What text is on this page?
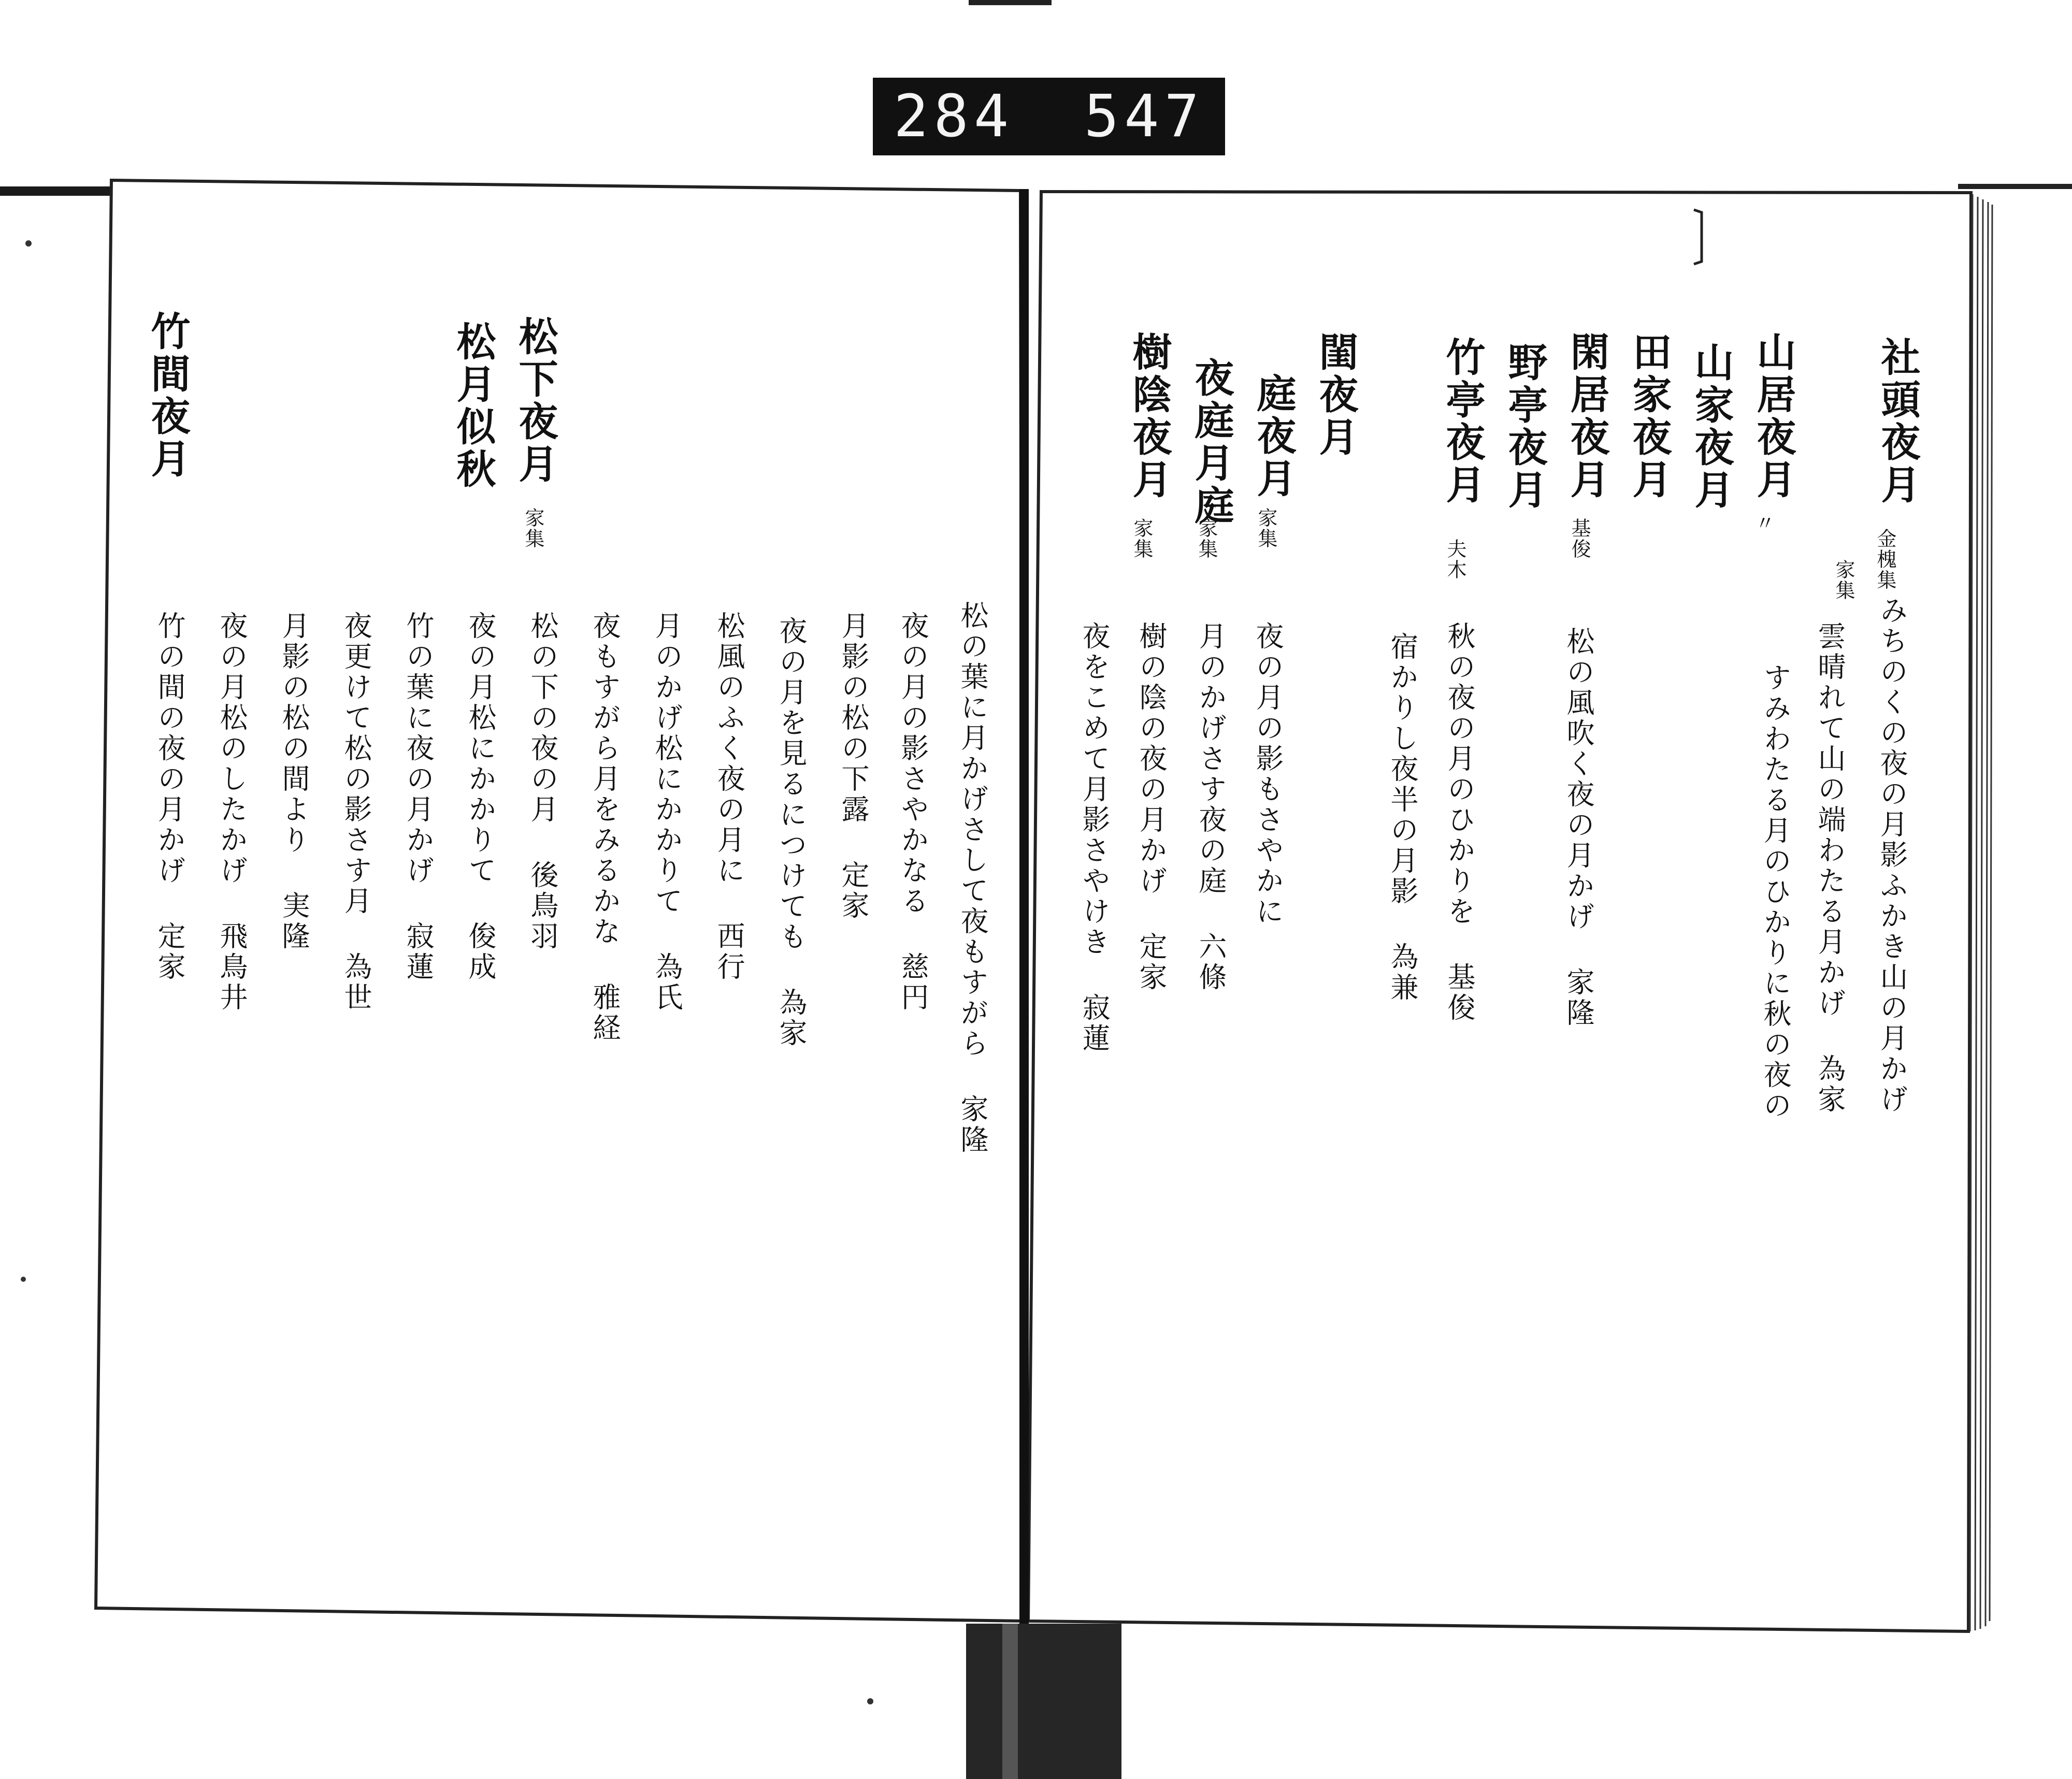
284 547
社頭夜月
山居夜月
山家夜月
田家夜月
閑居夜月
野亭夜月
竹亭夜月
閨夜月
庭夜月
夜庭月庭
樹陰夜月
金槐集
家集
〃
基俊
夫木
家集
家集
家集
みちのくの夜の月影ふかき山の月かげ
雲晴れて山の端わたる月かげ 為家
すみわたる月のひかりに秋の夜の
松の風吹く夜の月かげ 家隆
秋の夜の月のひかりを 基俊
宿かりし夜半の月影 為兼
夜の月の影もさやかに
月のかげさす夜の庭 六條
樹の陰の夜の月かげ 定家
夜をこめて月影さやけき 寂蓮
松下夜月
松月似秋
竹間夜月
家集
松の葉に月かげさして夜もすがら 家隆
夜の月の影さやかなる 慈円
月影の松の下露 定家
夜の月を見るにつけても 為家
松風のふく夜の月に 西行
月のかげ松にかかりて 為氏
夜もすがら月をみるかな 雅経
松の下の夜の月 後鳥羽
夜の月松にかかりて 俊成
竹の葉に夜の月かげ 寂蓮
夜更けて松の影さす月 為世
月影の松の間より 実隆
夜の月松のしたかげ 飛鳥井
竹の間の夜の月かげ 定家
